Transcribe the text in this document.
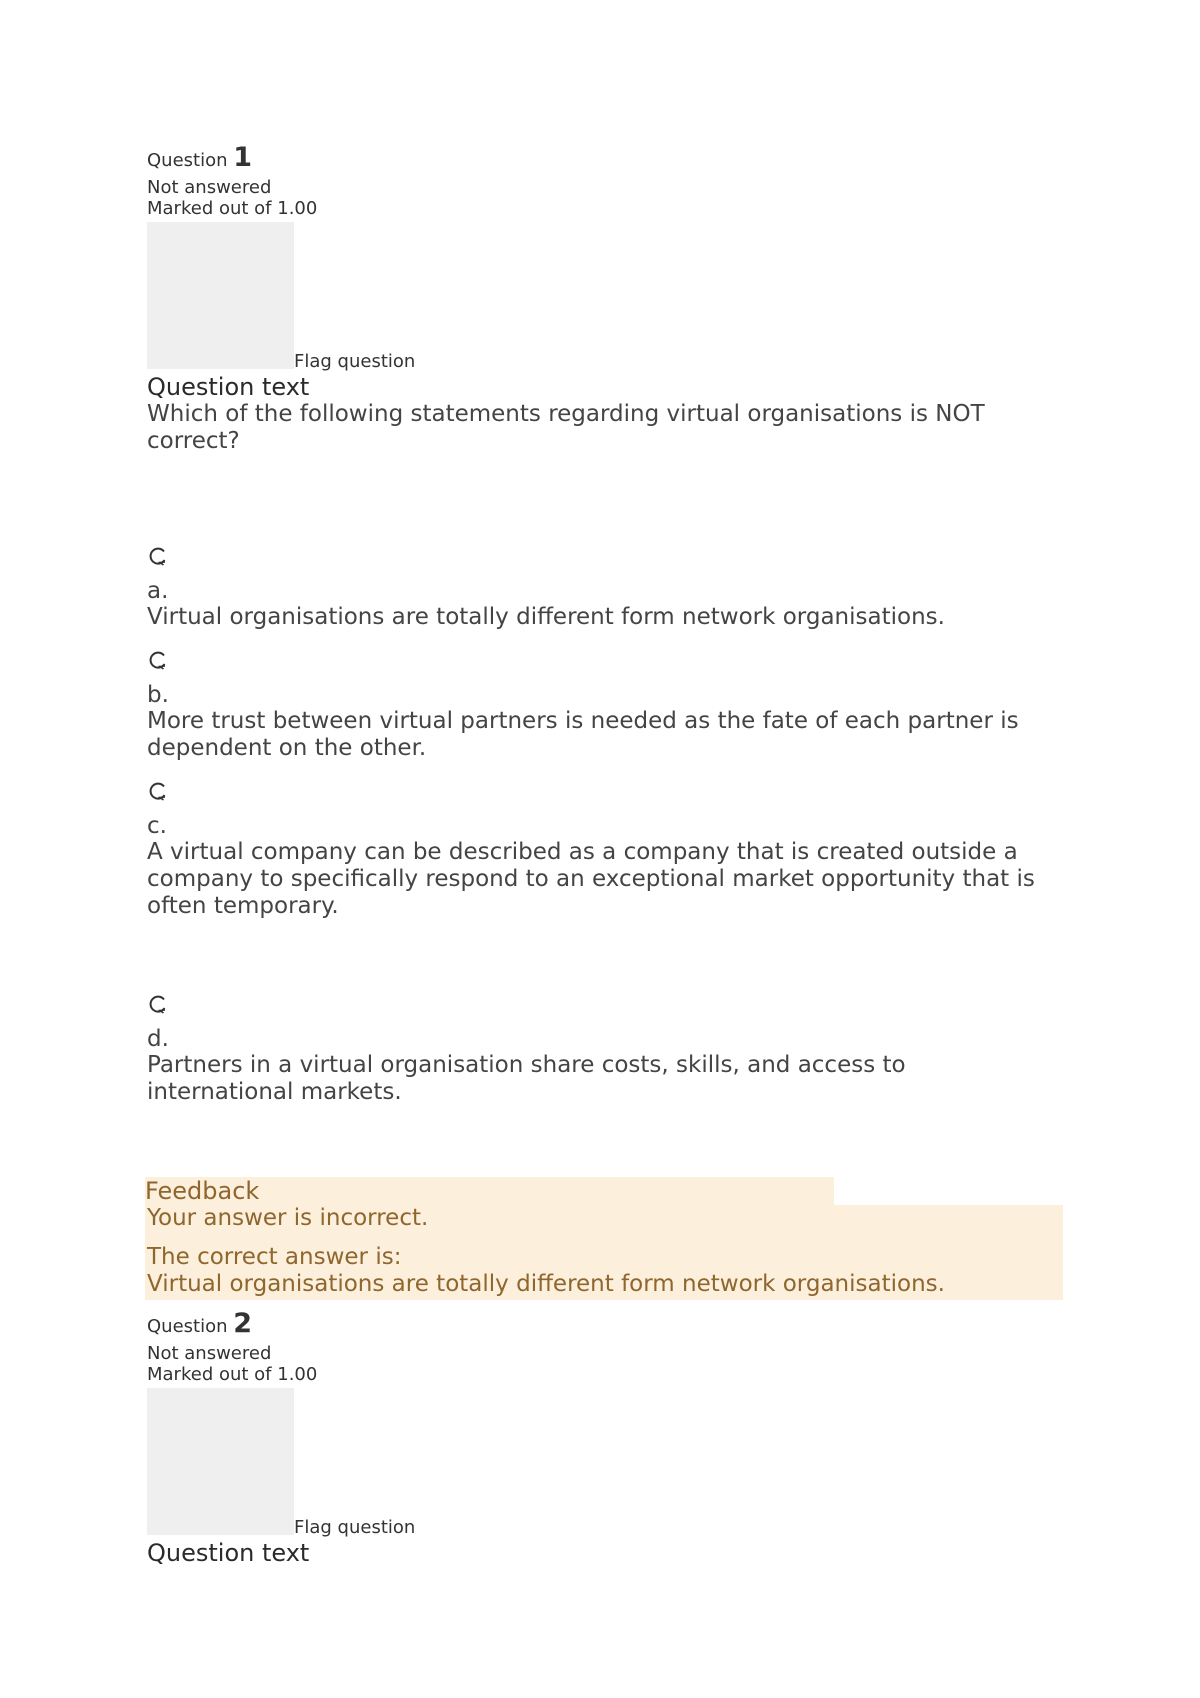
Question 1
Not answered
Marked out of 1.00
Flag question
Question text
Which of the following statements regarding virtual organisations is NOT correct?
a.
Virtual organisations are totally different form network organisations.
b.
More trust between virtual partners is needed as the fate of each partner is dependent on the other.
c.
A virtual company can be described as a company that is created outside a company to specifically respond to an exceptional market opportunity that is often temporary.
d.
Partners in a virtual organisation share costs, skills, and access to international markets.
Feedback
Your answer is incorrect.
The correct answer is:
Virtual organisations are totally different form network organisations.
Question 2
Not answered
Marked out of 1.00
Flag question
Question text
